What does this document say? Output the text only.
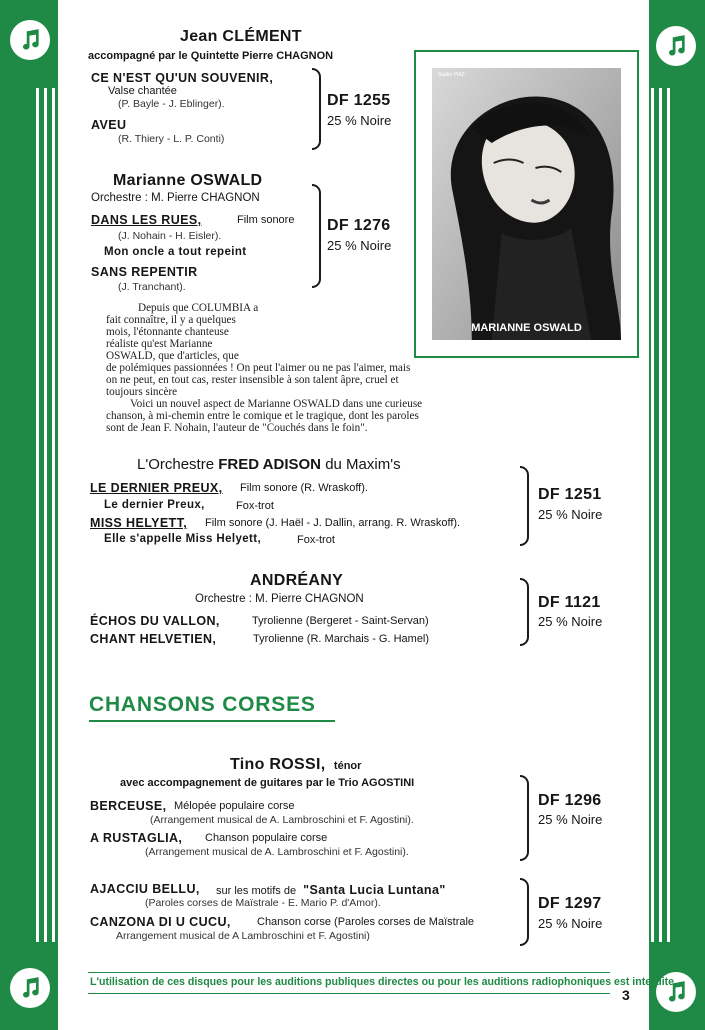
Jean CLÉMENT
accompagné par le Quintette Pierre CHAGNON
CE N'EST QU'UN SOUVENIR,
Valse chantée
(P. Bayle - J. Eblinger).
AVEU
(R. Thiery - L. P. Conti)
DF 1255
25 % Noire
Marianne OSWALD
Orchestre : M. Pierre CHAGNON
DANS LES RUES,	Film sonore
(J. Nohain - H. Eisler).
Mon oncle a tout repeint
SANS REPENTIR
(J. Tranchant).
DF 1276
25 % Noire
Studio PIAZ
MARIANNE OSWALD
Depuis que COLUMBIA a
fait connaître, il y a quelques
mois, l'étonnante chanteuse
réaliste qu'est Marianne
OSWALD, que d'articles, que
de polémiques passionnées ! On peut l'aimer ou ne pas l'aimer, mais
on ne peut, en tout cas, rester insensible à son talent âpre, cruel et
toujours sincère
Voici un nouvel aspect de Marianne OSWALD dans une curieuse
chanson, à mi-chemin entre le comique et le tragique, dont les paroles
sont de Jean F. Nohain, l'auteur de "Couchés dans le foin".
L'Orchestre FRED ADISON du Maxim's
LE DERNIER PREUX, Film sonore (R. Wraskoff).
Le dernier Preux,	Fox-trot
MISS HELYETT, Film sonore (J. Haël - J. Dallin, arrang. R. Wraskoff).
Elle s'appelle Miss Helyett,	Fox-trot
DF 1251
25 % Noire
ANDRÉANY
Orchestre : M. Pierre CHAGNON
ÉCHOS DU VALLON,	Tyrolienne (Bergeret - Saint-Servan)
CHANT HELVETIEN,	Tyrolienne (R. Marchais - G. Hamel)
DF 1121
25 % Noire
CHANSONS CORSES
Tino ROSSI, ténor
avec accompagnement de guitares par le Trio AGOSTINI
BERCEUSE, Mélopée populaire corse
(Arrangement musical de A. Lambroschini et F. Agostini).
A RUSTAGLIA, Chanson populaire corse
(Arrangement musical de A. Lambroschini et F. Agostini).
DF 1296
25 % Noire
AJACCIU BELLU, sur les motifs de "Santa Lucia Luntana"
(Paroles corses de Maïstrale - E. Mario P. d'Amor).
CANZONA DI U CUCU, Chanson corse (Paroles corses de Maïstrale
Arrangement musical de A Lambroschini et F. Agostini)
DF 1297
25 % Noire
L'utilisation de ces disques pour les auditions publiques directes ou pour les auditions radiophoniques est interdite
3
